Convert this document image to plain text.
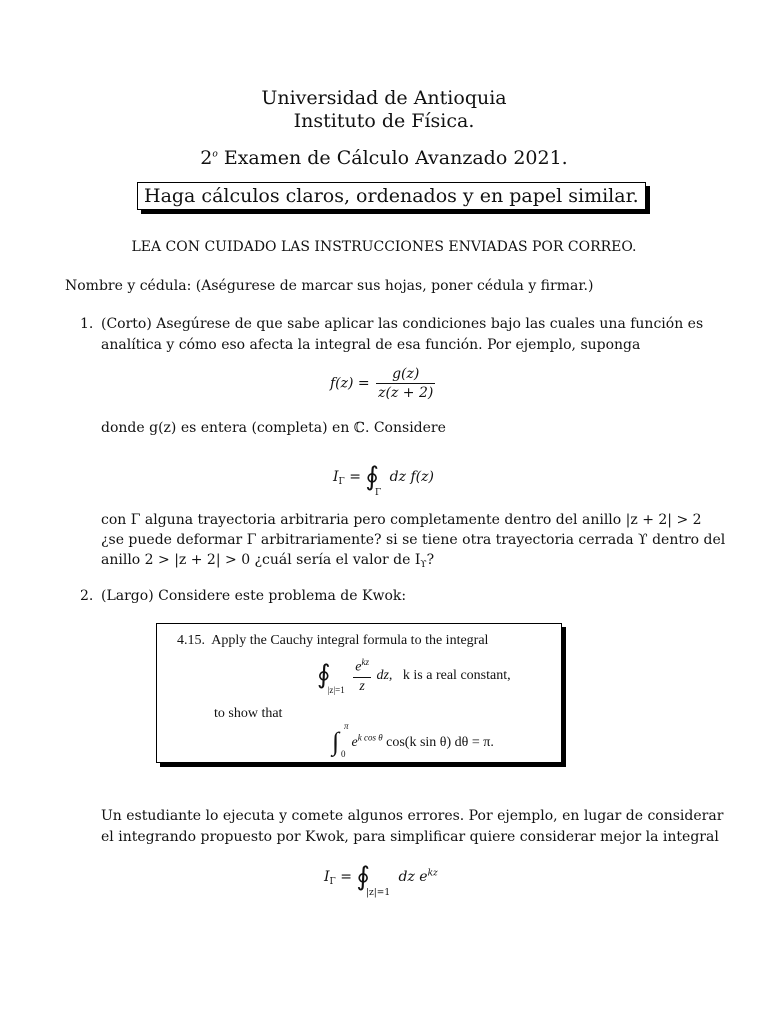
Universidad de Antioquia
Instituto de Física.
2$^o$ Examen de Cálculo Avanzado 2021.
Haga cálculos claros, ordenados y en papel similar.
LEA CON CUIDADO LAS INSTRUCCIONES ENVIADAS POR CORREO.
Nombre y cédula: (Aségurese de marcar sus hojas, poner cédula y firmar.)
1. (Corto) Asegúrese de que sabe aplicar las condiciones bajo las cuales una función es
analítica y cómo eso afecta la integral de esa función. Por ejemplo, suponga
$f(z) = \frac{g(z)}{z(z + 2)}$
donde g(z) es entera (completa) en ℂ. Considere
$I_\Gamma$ = $∮_\Gamma$ dz f(z)
con Γ alguna trayectoria arbitraria pero completamente dentro del anillo |z + 2| > 2
¿se puede deformar Γ arbitrariamente? si se tiene otra trayectoria cerrada ϒ dentro del
anillo 2 > |z + 2| > 0 ¿cuál sería el valor de $I_ϒ$?
2. (Largo) Considere este problema de Kwok:
4.15. Apply the Cauchy integral formula to the integral
$∮_{|z|=1} \frac{e^{kz}}{z}$ dz, k is a real constant,
to show that
∫
π
0
$e^{k cos \theta}$ cos(k sin θ) dθ = π.
Un estudiante lo ejecuta y comete algunos errores. Por ejemplo, en lugar de considerar
el integrando propuesto por Kwok, para simplificar quiere considerar mejor la integral
$I_\Gamma$ = $∮_{|z|=1}$ dz $e^{kz}$
